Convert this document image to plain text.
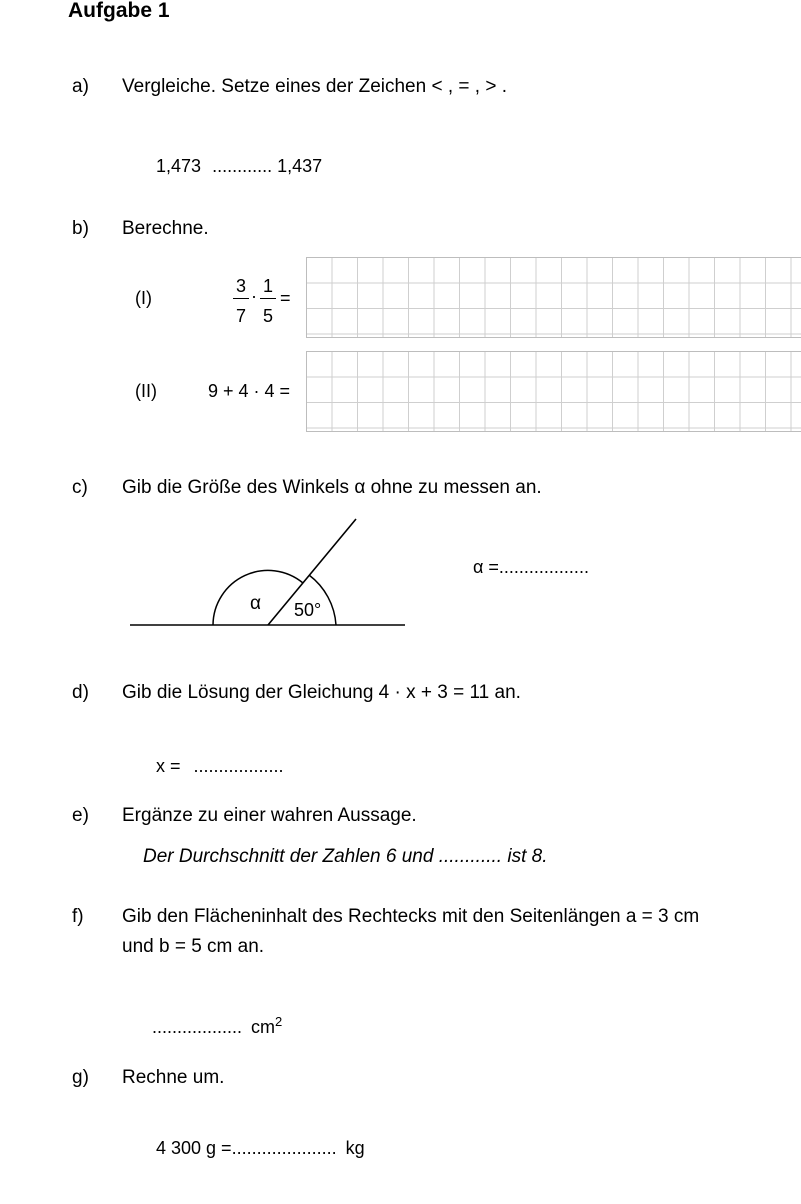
Aufgabe 1
a) Vergleiche. Setze eines der Zeichen < , = , > .
1,473 ............ 1,437
b) Berechne.
(I)
3
7
· 1
5
=
(II)	9 + 4 · 4 =
c) Gib die Größe des Winkels α ohne zu messen an.
α 50°
α =..................
d) Gib die Lösung der Gleichung 4 · x + 3 = 11 an.
x = ..................
e) Ergänze zu einer wahren Aussage.
Der Durchschnitt der Zahlen 6 und ............ ist 8.
f) Gib den Flächeninhalt des Rechtecks mit den Seitenlängen a = 3 cm
und b = 5 cm an.
.................. $cm^2$
g) Rechne um.
4 300 g =..................... kg
